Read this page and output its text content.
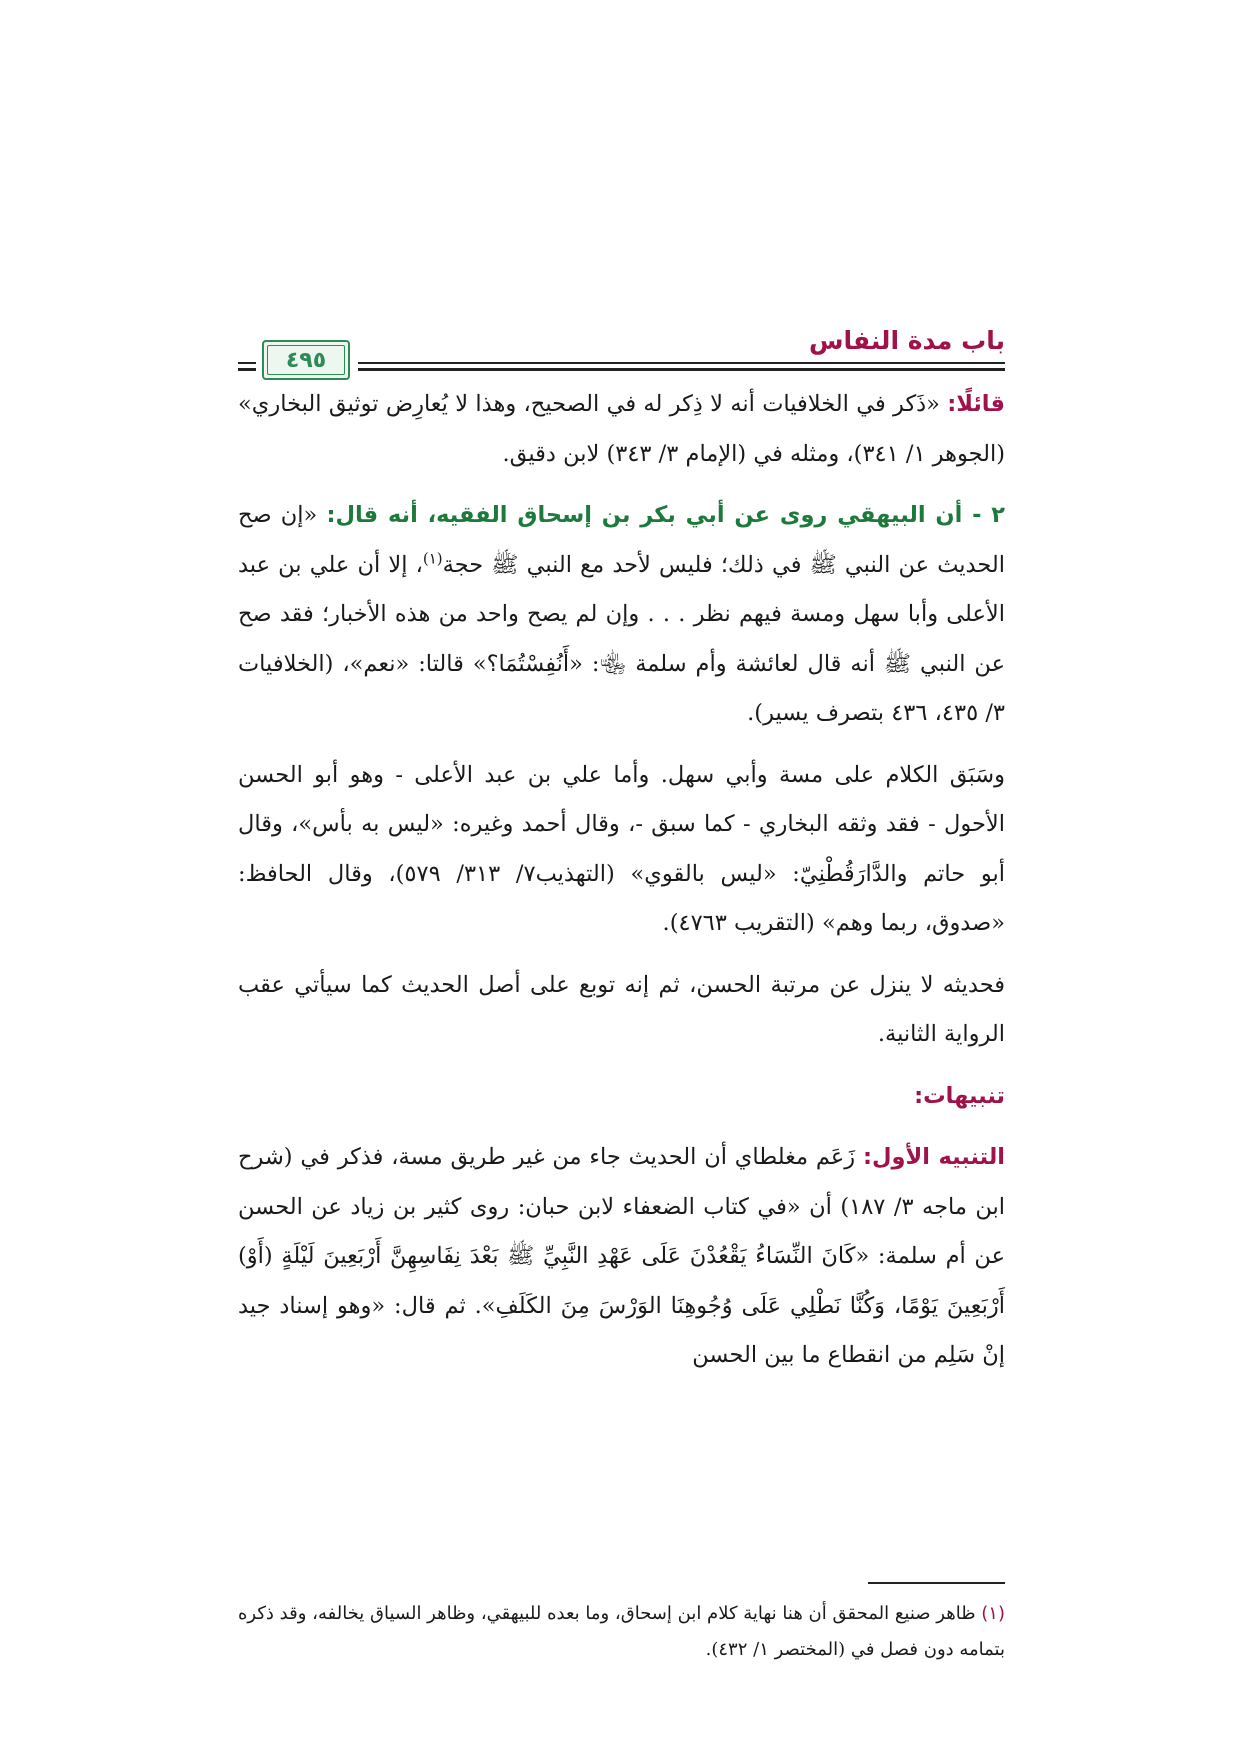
باب مدة النفاس
٤٩٥

قائلًا: «ذَكر في الخلافيات أنه لا ذِكر له في الصحيح، وهذا لا يُعارِض توثيق البخاري» (الجوهر ١/ ٣٤١)، ومثله في (الإمام ٣/ ٣٤٣) لابن دقيق.

٢ - أن البيهقي روى عن أبي بكر بن إسحاق الفقيه، أنه قال: «إن صح الحديث عن النبي ﷺ في ذلك؛ فليس لأحد مع النبي ﷺ حجة$^{(١)}$، إلا أن علي بن عبد الأعلى وأبا سهل ومسة فيهم نظر . . . وإن لم يصح واحد من هذه الأخبار؛ فقد صح عن النبي ﷺ أنه قال لعائشة وأم سلمة ﵄: «أَنُفِسْتُمَا؟» قالتا: «نعم»، (الخلافيات ٣/ ٤٣٥، ٤٣٦ بتصرف يسير).

وسَبَق الكلام على مسة وأبي سهل. وأما علي بن عبد الأعلى - وهو أبو الحسن الأحول - فقد وثقه البخاري - كما سبق -، وقال أحمد وغيره: «ليس به بأس»، وقال أبو حاتم والدَّارَقُطْنِيّ: «ليس بالقوي» (التهذيب٧/ ٣١٣/ ٥٧٩)، وقال الحافظ: «صدوق، ربما وهم» (التقريب ٤٧٦٣).

فحديثه لا ينزل عن مرتبة الحسن، ثم إنه توبع على أصل الحديث كما سيأتي عقب الرواية الثانية.

تنبيهات:

التنبيه الأول: زَعَم مغلطاي أن الحديث جاء من غير طريق مسة، فذكر في (شرح ابن ماجه ٣/ ١٨٧) أن «في كتاب الضعفاء لابن حبان: روى كثير بن زياد عن الحسن عن أم سلمة: «كَانَ النِّسَاءُ يَقْعُدْنَ عَلَى عَهْدِ النَّبِيِّ ﷺ بَعْدَ نِفَاسِهِنَّ أَرْبَعِينَ لَيْلَةٍ (أَوْ) أَرْبَعِينَ يَوْمًا، وَكُنَّا نَطْلِي عَلَى وُجُوهِنَا الوَرْسَ مِنَ الكَلَفِ». ثم قال: «وهو إسناد جيد إنْ سَلِم من انقطاع ما بين الحسن

(١) ظاهر صنيع المحقق أن هنا نهاية كلام ابن إسحاق، وما بعده للبيهقي، وظاهر السياق يخالفه، وقد ذكره بتمامه دون فصل في (المختصر ١/ ٤٣٢).
